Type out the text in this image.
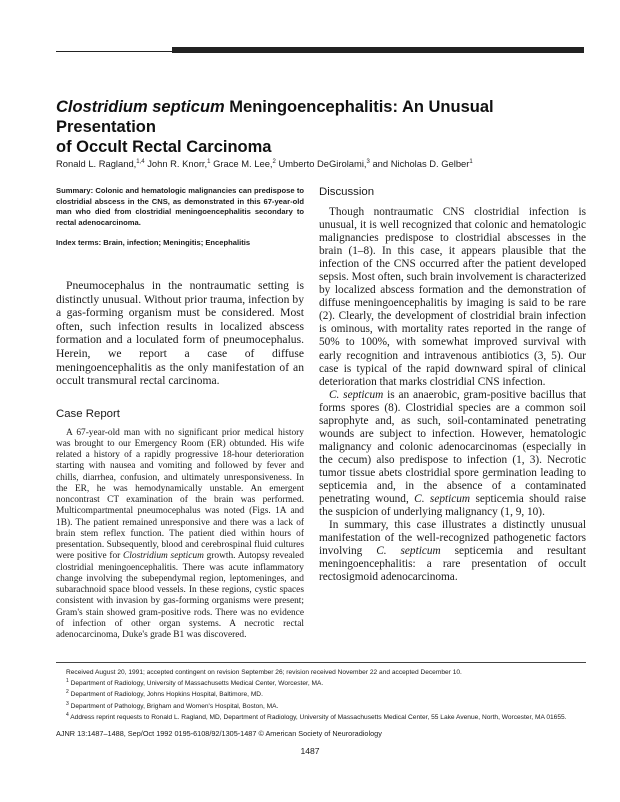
Clostridium septicum Meningoencephalitis: An Unusual Presentation
of Occult Rectal Carcinoma
Ronald L. Ragland,$^{1,4}$ John R. Knorr,$^1$ Grace M. Lee,$^2$ Umberto DeGirolami,$^3$ and Nicholas D. Gelber$^1$

Summary: Colonic and hematologic malignancies can predispose to clostridial abscess in the CNS, as demonstrated in this 67-year-old man who died from clostridial meningoencephalitis secondary to rectal adenocarcinoma.

Index terms: Brain, infection; Meningitis; Encephalitis

Pneumocephalus in the nontraumatic setting is distinctly unusual. Without prior trauma, infection by a gas-forming organism must be considered. Most often, such infection results in localized abscess formation and a loculated form of pneumocephalus. Herein, we report a case of diffuse meningoencephalitis as the only manifestation of an occult transmural rectal carcinoma.

Case Report

A 67-year-old man with no significant prior medical history was brought to our Emergency Room (ER) obtunded. His wife related a history of a rapidly progressive 18-hour deterioration starting with nausea and vomiting and followed by fever and chills, diarrhea, confusion, and ultimately unresponsiveness. In the ER, he was hemodynamically unstable. An emergent noncontrast CT examination of the brain was performed. Multicompartmental pneumocephalus was noted (Figs. 1A and 1B). The patient remained unresponsive and there was a lack of brain stem reflex function. The patient died within hours of presentation. Subsequently, blood and cerebrospinal fluid cultures were positive for Clostridium septicum growth. Autopsy revealed clostridial meningoencephalitis. There was acute inflammatory change involving the subependymal region, leptomeninges, and subarachnoid space blood vessels. In these regions, cystic spaces consistent with invasion by gas-forming organisms were present; Gram's stain showed gram-positive rods. There was no evidence of infection of other organ systems. A necrotic rectal adenocarcinoma, Duke's grade B1 was discovered.

Discussion

Though nontraumatic CNS clostridial infection is unusual, it is well recognized that colonic and hematologic malignancies predispose to clostridial abscesses in the brain (1–8). In this case, it appears plausible that the infection of the CNS occurred after the patient developed sepsis. Most often, such brain involvement is characterized by localized abscess formation and the demonstration of diffuse meningoencephalitis by imaging is said to be rare (2). Clearly, the development of clostridial brain infection is ominous, with mortality rates reported in the range of 50% to 100%, with somewhat improved survival with early recognition and intravenous antibiotics (3, 5). Our case is typical of the rapid downward spiral of clinical deterioration that marks clostridial CNS infection.

C. septicum is an anaerobic, gram-positive bacillus that forms spores (8). Clostridial species are a common soil saprophyte and, as such, soil-contaminated penetrating wounds are subject to infection. However, hematologic malignancy and colonic adenocarcinomas (especially in the cecum) also predispose to infection (1, 3). Necrotic tumor tissue abets clostridial spore germination leading to septicemia and, in the absence of a contaminated penetrating wound, C. septicum septicemia should raise the suspicion of underlying malignancy (1, 9, 10).

In summary, this case illustrates a distinctly unusual manifestation of the well-recognized pathogenetic factors involving C. septicum septicemia and resultant meningoencephalitis: a rare presentation of occult rectosigmoid adenocarcinoma.

Received August 20, 1991; accepted contingent on revision September 26; revision received November 22 and accepted December 10.

$^1$ Department of Radiology, University of Massachusetts Medical Center, Worcester, MA.

$^2$ Department of Radiology, Johns Hopkins Hospital, Baltimore, MD.

$^3$ Department of Pathology, Brigham and Women's Hospital, Boston, MA.

$^4$ Address reprint requests to Ronald L. Ragland, MD, Department of Radiology, University of Massachusetts Medical Center, 55 Lake Avenue, North, Worcester, MA 01655.

AJNR 13:1487–1488, Sep/Oct 1992 0195-6108/92/1305-1487 © American Society of Neuroradiology
1487
